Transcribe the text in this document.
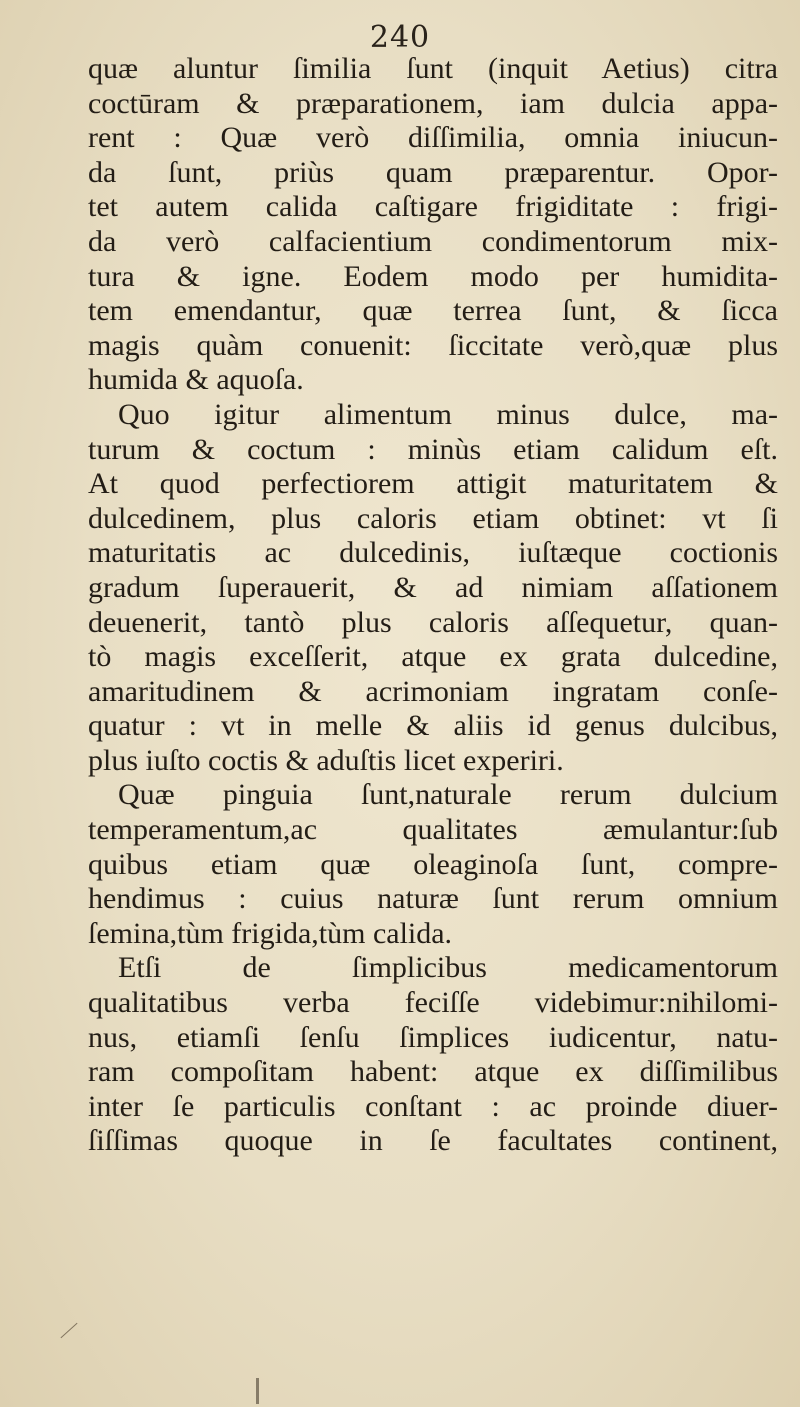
240
quæ aluntur ſimilia ſunt (inquit Aetius) citra
coctūram & præparationem, iam dulcia appa-
rent : Quæ verò diſſimilia, omnia iniucun-
da ſunt, priùs quam præparentur. Opor-
tet autem calida caſtigare frigiditate : frigi-
da verò calfacientium condimentorum mix-
tura & igne. Eodem modo per humidita-
tem emendantur, quæ terrea ſunt, & ſicca
magis quàm conuenit: ſiccitate verò,quæ plus
humida & aquoſa.
Quo igitur alimentum minus dulce, ma-
turum & coctum : minùs etiam calidum eſt.
At quod perfectiorem attigit maturitatem &
dulcedinem, plus caloris etiam obtinet: vt ſi
maturitatis ac dulcedinis, iuſtæque coctionis
gradum ſuperauerit, & ad nimiam aſſationem
deuenerit, tantò plus caloris aſſequetur, quan-
tò magis exceſſerit, atque ex grata dulcedine,
amaritudinem & acrimoniam ingratam conſe-
quatur : vt in melle & aliis id genus dulcibus,
plus iuſto coctis & aduſtis licet experiri.
Quæ pinguia ſunt,naturale rerum dulcium
temperamentum,ac qualitates æmulantur:ſub
quibus etiam quæ oleaginoſa ſunt, compre-
hendimus : cuius naturæ ſunt rerum omnium
ſemina,tùm frigida,tùm calida.
Etſi de ſimplicibus medicamentorum
qualitatibus verba feciſſe videbimur:nihilomi-
nus, etiamſi ſenſu ſimplices iudicentur, natu-
ram compoſitam habent: atque ex diſſimilibus
inter ſe particulis conſtant : ac proinde diuer-
ſiſſimas quoque in ſe facultates continent,
